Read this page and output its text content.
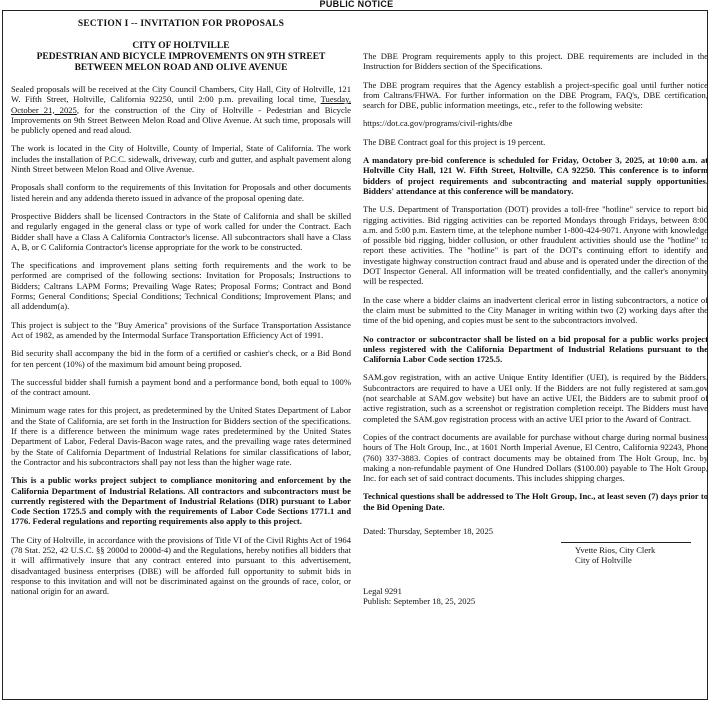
PUBLIC NOTICE
SECTION I -- INVITATION FOR PROPOSALS
CITY OF HOLTVILLE
PEDESTRIAN AND BICYCLE IMPROVEMENTS ON 9TH STREET
BETWEEN MELON ROAD AND OLIVE AVENUE

Sealed proposals will be received at the City Council Chambers, City Hall, City of Holtville, 121 W. Fifth Street, Holtville, California 92250, until 2:00 p.m. prevailing local time, Tuesday, October 21, 2025, for the construction of the City of Holtville - Pedestrian and Bicycle Improvements on 9th Street Between Melon Road and Olive Avenue. At such time, proposals will be publicly opened and read aloud.

The work is located in the City of Holtville, County of Imperial, State of California. The work includes the installation of P.C.C. sidewalk, driveway, curb and gutter, and asphalt pavement along Ninth Street between Melon Road and Olive Avenue.

Proposals shall conform to the requirements of this Invitation for Proposals and other documents listed herein and any addenda thereto issued in advance of the proposal opening date.

Prospective Bidders shall be licensed Contractors in the State of California and shall be skilled and regularly engaged in the general class or type of work called for under the Contract. Each Bidder shall have a Class A California Contractor's license. All subcontractors shall have a Class A, B, or C California Contractor's license appropriate for the work to be constructed.

The specifications and improvement plans setting forth requirements and the work to be performed are comprised of the following sections: Invitation for Proposals; Instructions to Bidders; Caltrans LAPM Forms; Prevailing Wage Rates; Proposal Forms; Contract and Bond Forms; General Conditions; Special Conditions; Technical Conditions; Improvement Plans; and all addendum(a).

This project is subject to the "Buy America" provisions of the Surface Transportation Assistance Act of 1982, as amended by the Intermodal Surface Transportation Efficiency Act of 1991.

Bid security shall accompany the bid in the form of a certified or cashier's check, or a Bid Bond for ten percent (10%) of the maximum bid amount being proposed.

The successful bidder shall furnish a payment bond and a performance bond, both equal to 100% of the contract amount.

Minimum wage rates for this project, as predetermined by the United States Department of Labor and the State of California, are set forth in the Instruction for Bidders section of the specifications. If there is a difference between the minimum wage rates predetermined by the United States Department of Labor, Federal Davis-Bacon wage rates, and the prevailing wage rates determined by the State of California Department of Industrial Relations for similar classifications of labor, the Contractor and his subcontractors shall pay not less than the higher wage rate.

This is a public works project subject to compliance monitoring and enforcement by the California Department of Industrial Relations. All contractors and subcontractors must be currently registered with the Department of Industrial Relations (DIR) pursuant to Labor Code Section 1725.5 and comply with the requirements of Labor Code Sections 1771.1 and 1776. Federal regulations and reporting requirements also apply to this project.

The City of Holtville, in accordance with the provisions of Title VI of the Civil Rights Act of 1964 (78 Stat. 252, 42 U.S.C. §§ 2000d to 2000d-4) and the Regulations, hereby notifies all bidders that it will affirmatively insure that any contract entered into pursuant to this advertisement, disadvantaged business enterprises (DBE) will be afforded full opportunity to submit bids in response to this invitation and will not be discriminated against on the grounds of race, color, or national origin for an award.

The DBE Program requirements apply to this project. DBE requirements are included in the Instruction for Bidders section of the Specifications.

The DBE program requires that the Agency establish a project-specific goal until further notice from Caltrans/FHWA. For further information on the DBE Program, FAQ's, DBE certification, search for DBE, public information meetings, etc., refer to the following website:

https://dot.ca.gov/programs/civil-rights/dbe

The DBE Contract goal for this project is 19 percent.

A mandatory pre-bid conference is scheduled for Friday, October 3, 2025, at 10:00 a.m. at Holtville City Hall, 121 W. Fifth Street, Holtville, CA 92250. This conference is to inform bidders of project requirements and subcontracting and material supply opportunities. Bidders' attendance at this conference will be mandatory.

The U.S. Department of Transportation (DOT) provides a toll-free "hotline" service to report bid rigging activities. Bid rigging activities can be reported Mondays through Fridays, between 8:00 a.m. and 5:00 p.m. Eastern time, at the telephone number 1-800-424-9071. Anyone with knowledge of possible bid rigging, bidder collusion, or other fraudulent activities should use the "hotline" to report these activities. The "hotline" is part of the DOT's continuing effort to identify and investigate highway construction contract fraud and abuse and is operated under the direction of the DOT Inspector General. All information will be treated confidentially, and the caller's anonymity will be respected.

In the case where a bidder claims an inadvertent clerical error in listing subcontractors, a notice of the claim must be submitted to the City Manager in writing within two (2) working days after the time of the bid opening, and copies must be sent to the subcontractors involved.

No contractor or subcontractor shall be listed on a bid proposal for a public works project unless registered with the California Department of Industrial Relations pursuant to the California Labor Code section 1725.5.

SAM.gov registration, with an active Unique Entity Identifier (UEI), is required by the Bidders. Subcontractors are required to have a UEI only. If the Bidders are not fully registered at sam.gov (not searchable at SAM.gov website) but have an active UEI, the Bidders are to submit proof of active registration, such as a screenshot or registration completion receipt. The Bidders must have completed the SAM.gov registration process with an active UEI prior to the Award of Contract.

Copies of the contract documents are available for purchase without charge during normal business hours of The Holt Group, Inc., at 1601 North Imperial Avenue, El Centro, California 92243, Phone (760) 337-3883. Copies of contract documents may be obtained from The Holt Group, Inc. by making a non-refundable payment of One Hundred Dollars ($100.00) payable to The Holt Group, Inc. for each set of said contract documents. This includes shipping charges.

Technical questions shall be addressed to The Holt Group, Inc., at least seven (7) days prior to the Bid Opening Date.

Dated: Thursday, September 18, 2025
Yvette Rios, City Clerk
City of Holtville
Legal 9291
Publish: September 18, 25, 2025
